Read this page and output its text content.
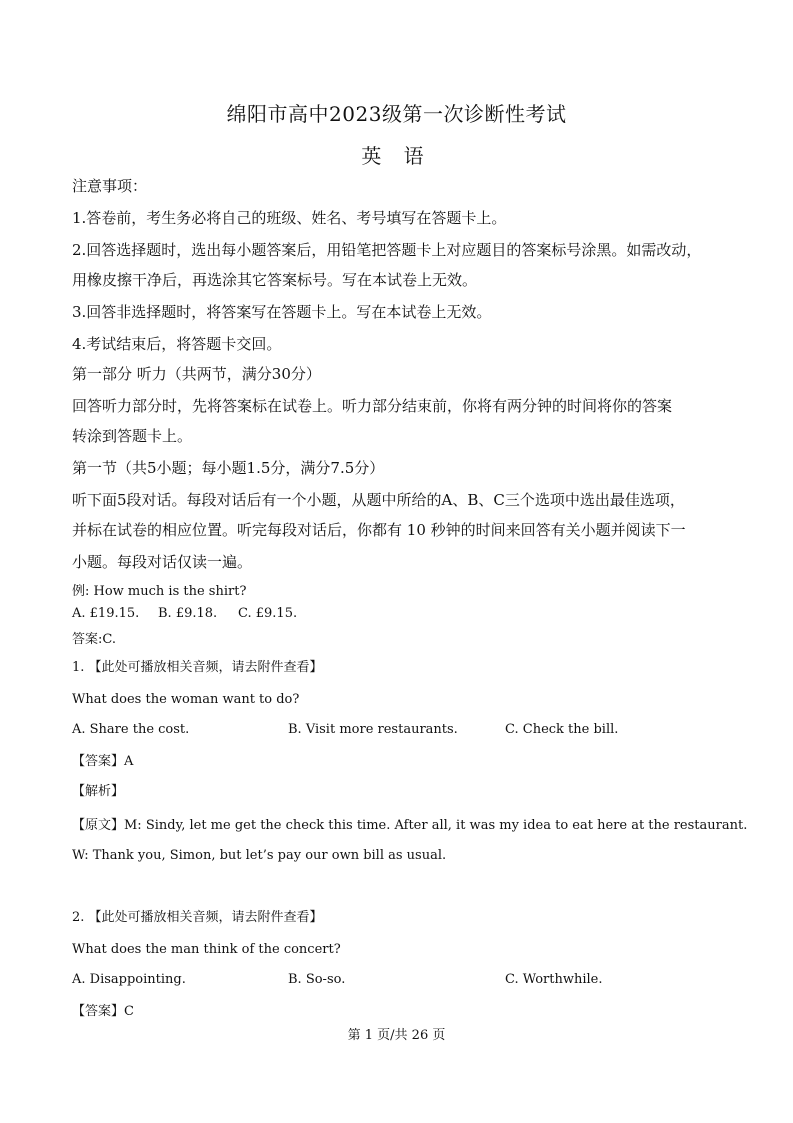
绵阳市高中2023级第一次诊断性考试
英 语
注意事项：
1.答卷前，考生务必将自己的班级、姓名、考号填写在答题卡上。
2.回答选择题时，选出每小题答案后，用铅笔把答题卡上对应题目的答案标号涂黑。如需改动，
用橡皮擦干净后，再选涂其它答案标号。写在本试卷上无效。
3.回答非选择题时，将答案写在答题卡上。写在本试卷上无效。
4.考试结束后，将答题卡交回。
第一部分 听力（共两节，满分30分）
回答听力部分时，先将答案标在试卷上。听力部分结束前，你将有两分钟的时间将你的答案
转涂到答题卡上。
第一节（共5小题；每小题1.5分，满分7.5分）
听下面5段对话。每段对话后有一个小题，从题中所给的A、B、C三个选项中选出最佳选项，
并标在试卷的相应位置。听完每段对话后，你都有 10 秒钟的时间来回答有关小题并阅读下一
小题。每段对话仅读一遍。
例: How much is the shirt?
A. £19.15. B. £9.18. C. £9.15.
答案:C.
1. 【此处可播放相关音频，请去附件查看】
What does the woman want to do?
A. Share the cost.	B. Visit more restaurants.	C. Check the bill.
【答案】A
【解析】
【原文】M: Sindy, let me get the check this time. After all, it was my idea to eat here at the restaurant.
W: Thank you, Simon, but let’s pay our own bill as usual.
2. 【此处可播放相关音频，请去附件查看】
What does the man think of the concert?
A. Disappointing.	B. So-so.	C. Worthwhile.
【答案】C
第 1 页/共 26 页
